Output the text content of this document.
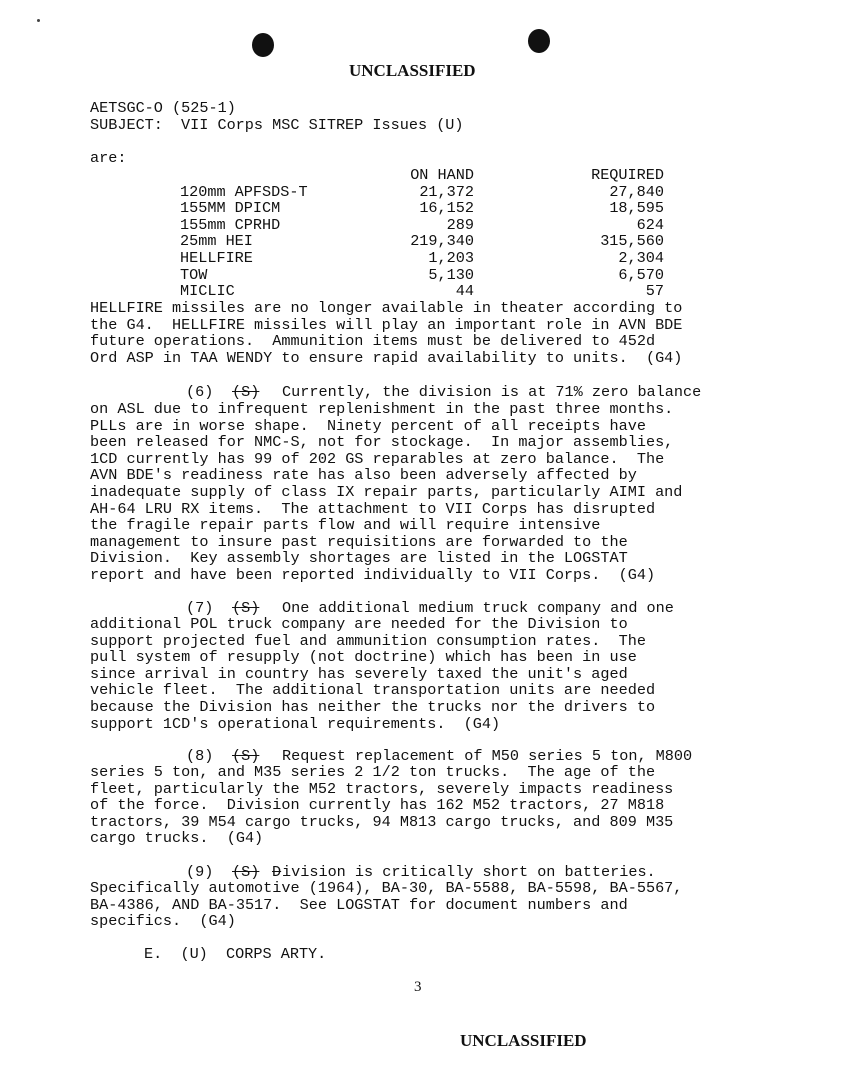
UNCLASSIFIED

AETSGC-O (525-1)

SUBJECT: VII Corps MSC SITREP Issues (U)

are:

	ON HAND	REQUIRED
120mm APFSDS-T	21,372	27,840
155MM DPICM	16,152	18,595
155mm CPRHD	289	624
25mm HEI	219,340	315,560
HELLFIRE	1,203	2,304
TOW	5,130	6,570
MICLIC	44	57

HELLFIRE missiles are no longer available in theater according to
the G4.  HELLFIRE missiles will play an important role in AVN BDE
future operations.  Ammunition items must be delivered to 452d
Ord ASP in TAA WENDY to ensure rapid availability to units.  (G4)

(6) (S) Currently, the division is at 71% zero balance

on ASL due to infrequent replenishment in the past three months.
PLLs are in worse shape.  Ninety percent of all receipts have
been released for NMC-S, not for stockage.  In major assemblies,
1CD currently has 99 of 202 GS reparables at zero balance.  The
AVN BDE's readiness rate has also been adversely affected by
inadequate supply of class IX repair parts, particularly AIMI and
AH-64 LRU RX items.  The attachment to VII Corps has disrupted
the fragile repair parts flow and will require intensive
management to insure past requisitions are forwarded to the
Division.  Key assembly shortages are listed in the LOGSTAT
report and have been reported individually to VII Corps.  (G4)

(7) (S) One additional medium truck company and one

additional POL truck company are needed for the Division to
support projected fuel and ammunition consumption rates.  The
pull system of resupply (not doctrine) which has been in use
since arrival in country has severely taxed the unit's aged
vehicle fleet.  The additional transportation units are needed
because the Division has neither the trucks nor the drivers to
support 1CD's operational requirements.  (G4)

(8) (S) Request replacement of M50 series 5 ton, M800

series 5 ton, and M35 series 2 1/2 ton trucks.  The age of the
fleet, particularly the M52 tractors, severely impacts readiness
of the force.  Division currently has 162 M52 tractors, 27 M818
tractors, 39 M54 cargo trucks, 94 M813 cargo trucks, and 809 M35
cargo trucks.  (G4)

(9) (S) D ivision is critically short on batteries.

Specifically automotive (1964), BA-30, BA-5588, BA-5598, BA-5567,
BA-4386, AND BA-3517.  See LOGSTAT for document numbers and
specifics.  (G4)

E.  (U)  CORPS ARTY.

3

UNCLASSIFIED
